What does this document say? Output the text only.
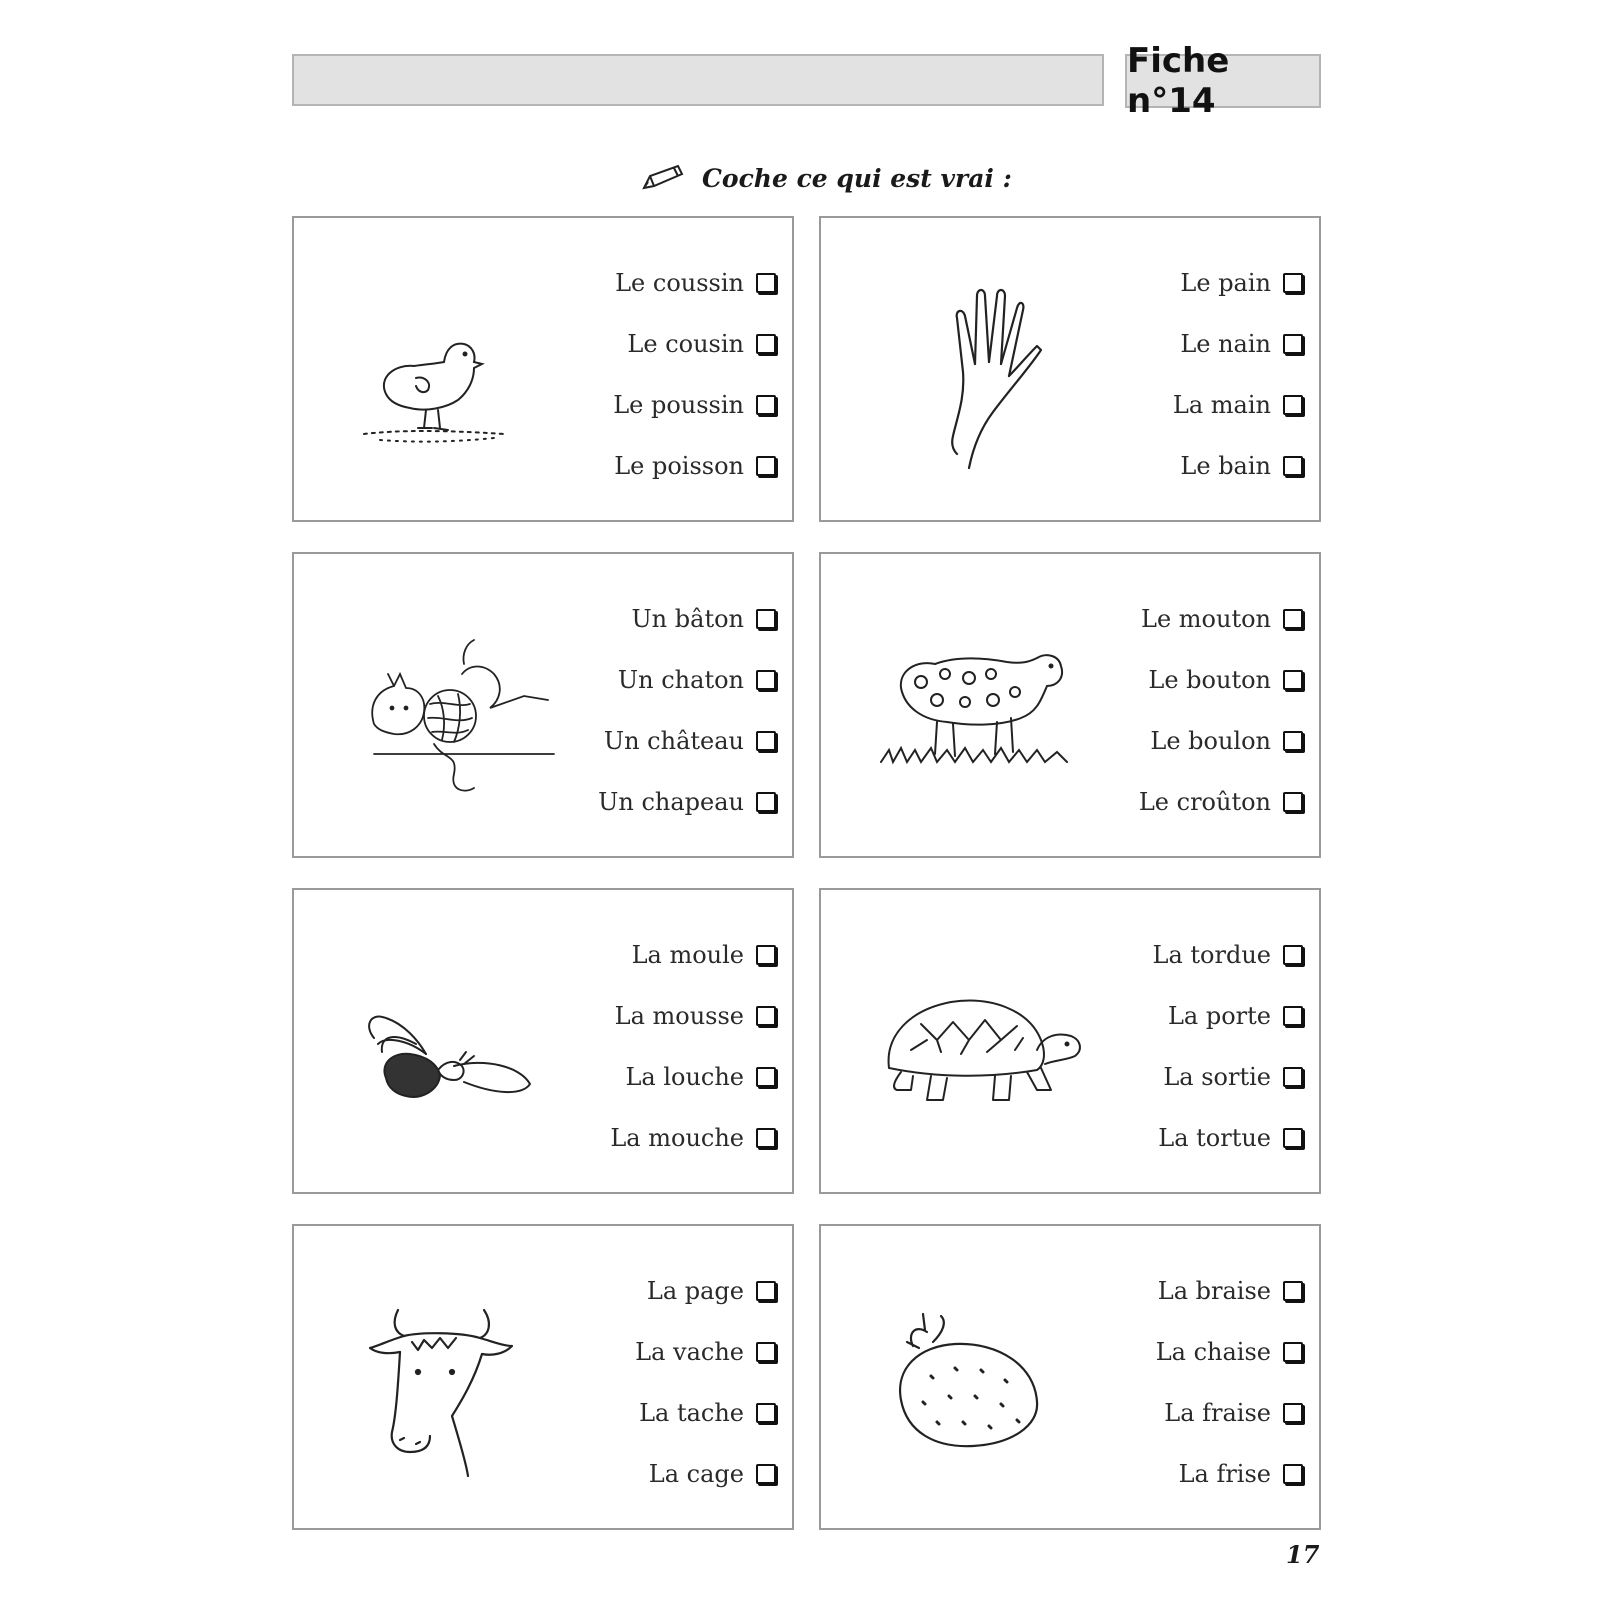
Fiche n°14
Coche ce qui est vrai :
Le coussin
Le cousin
Le poussin
Le poisson
Le pain
Le nain
La main
Le bain
Un bâton
Un chaton
Un château
Un chapeau
Le mouton
Le bouton
Le boulon
Le croûton
La moule
La mousse
La louche
La mouche
La tordue
La porte
La sortie
La tortue
La page
La vache
La tache
La cage
La braise
La chaise
La fraise
La frise
17
